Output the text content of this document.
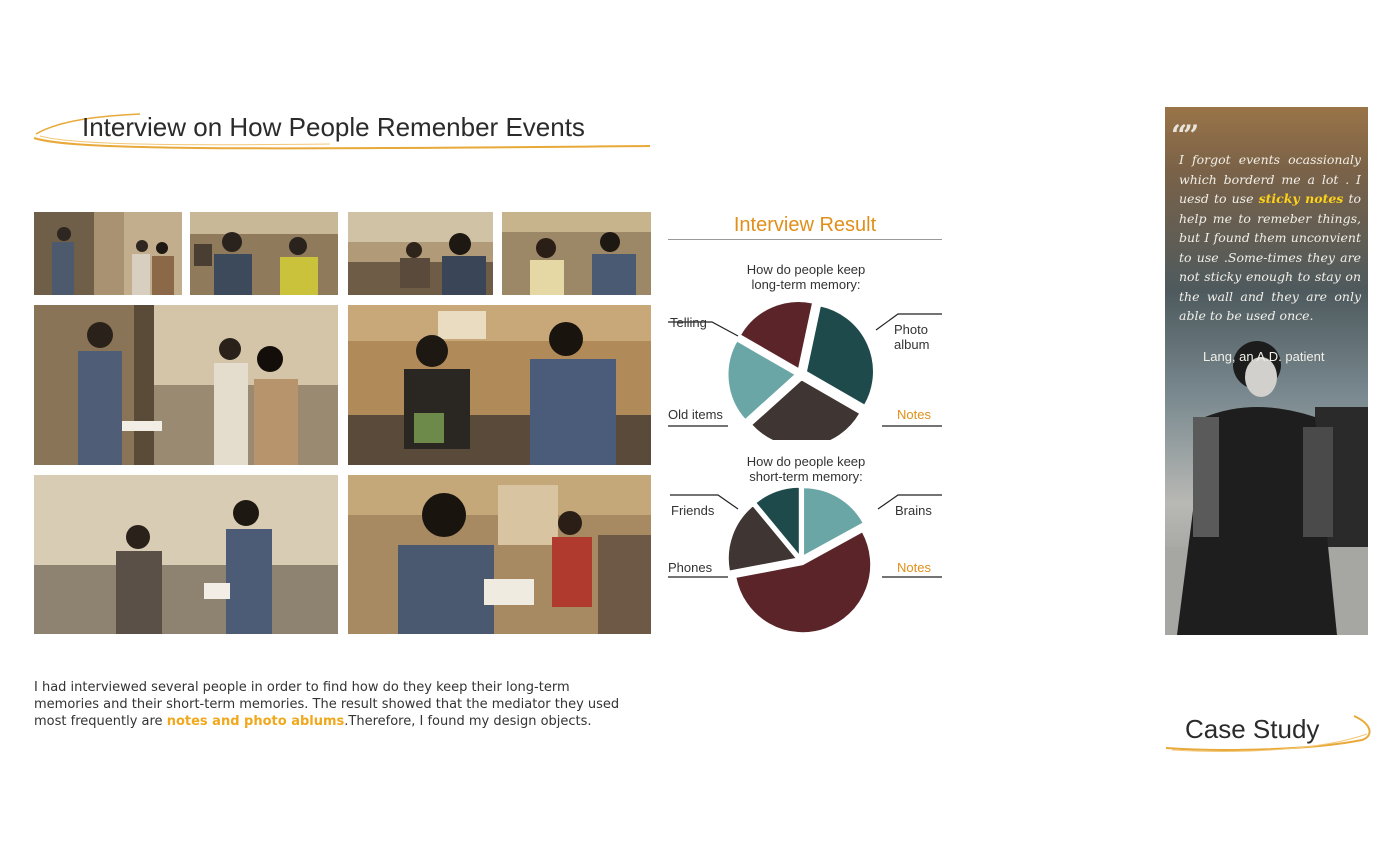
Interview on How People Remenber Events
Interview Result
How do people keep
long-term memory:
Telling	Photo
album
Old items	Notes
How do people keep
short-term memory:
Friends	Brains
Phones	Notes
I had interviewed several people in order to find how do they keep their long-term memories and their short-term memories. The result showed that the mediator they used most frequently are notes and photo ablums.Therefore, I found my design objects.
“”
I forgot events ocassionaly which borderd me a lot . I uesd to use sticky notes to help me to remeber things, but I found them unconvient to use .Some-times they are not sticky enough to stay on the wall and they are only able to be used once.
Lang, an A.D. patient
Case Study
